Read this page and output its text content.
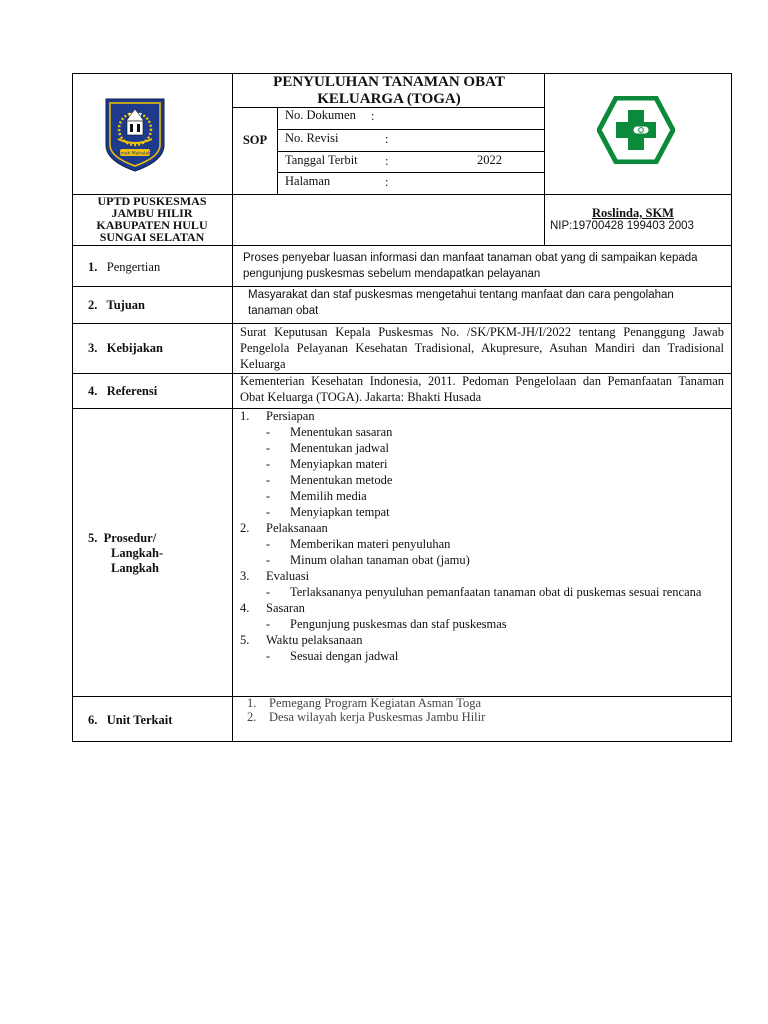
Ramah Mahalabat
PENYULUHAN TANAMAN OBAT KELUARGA (TOGA)
SOP
No. Dokumen :
No. Revisi	:
Tanggal Terbit :	2022
Halaman	:
UPTD PUSKESMAS JAMBU HILIR KABUPATEN HULU SUNGAI SELATAN
Roslinda, SKM
NIP:19700428 199403 2003
1. Pengertian
Proses penyebar luasan informasi dan manfaat tanaman obat yang di sampaikan kepada pengunjung puskesmas sebelum mendapatkan pelayanan
2. Tujuan
Masyarakat dan staf puskesmas mengetahui tentang manfaat dan cara pengolahan tanaman obat
3. Kebijakan
Surat Keputusan Kepala Puskesmas No. /SK/PKM-JH/I/2022 tentang Penanggung Jawab Pengelola Pelayanan Kesehatan Tradisional, Akupresure, Asuhan Mandiri dan Tradisional Keluarga
4. Referensi
Kementerian Kesehatan Indonesia, 2011. Pedoman Pengelolaan dan Pemanfaatan Tanaman Obat Keluarga (TOGA). Jakarta: Bhakti Husada
5. Prosedur/
Langkah-
Langkah
1. Persiapan
- Menentukan sasaran
- Menentukan jadwal
- Menyiapkan materi
- Menentukan metode
- Memilih media
- Menyiapkan tempat
2. Pelaksanaan
- Memberikan materi penyuluhan
- Minum olahan tanaman obat (jamu)
3. Evaluasi
-	Terlaksananya penyuluhan pemanfaatan tanaman obat di puskemas sesuai rencana
4. Sasaran
- Pengunjung puskesmas dan staf puskesmas
5. Waktu pelaksanaan
- Sesuai dengan jadwal
6. Unit Terkait
1. Pemegang Program Kegiatan Asman Toga
2. Desa wilayah kerja Puskesmas Jambu Hilir
